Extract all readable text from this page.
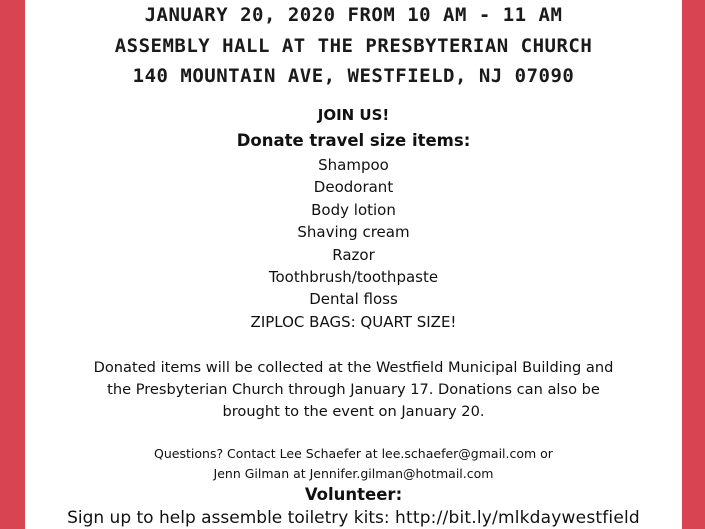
JANUARY 20, 2020 FROM 10 AM - 11 AM
ASSEMBLY HALL AT THE PRESBYTERIAN CHURCH
140 MOUNTAIN AVE, WESTFIELD, NJ 07090
JOIN US!
Donate travel size items:
Shampoo
Deodorant
Body lotion
Shaving cream
Razor
Toothbrush/toothpaste
Dental floss
ZIPLOC BAGS: QUART SIZE!
Donated items will be collected at the Westfield Municipal Building and
the Presbyterian Church through January 17. Donations can also be
brought to the event on January 20.
Questions? Contact Lee Schaefer at lee.schaefer@gmail.com or
Jenn Gilman at Jennifer.gilman@hotmail.com
Volunteer:
Sign up to help assemble toiletry kits: http://bit.ly/mlkdaywestfield
